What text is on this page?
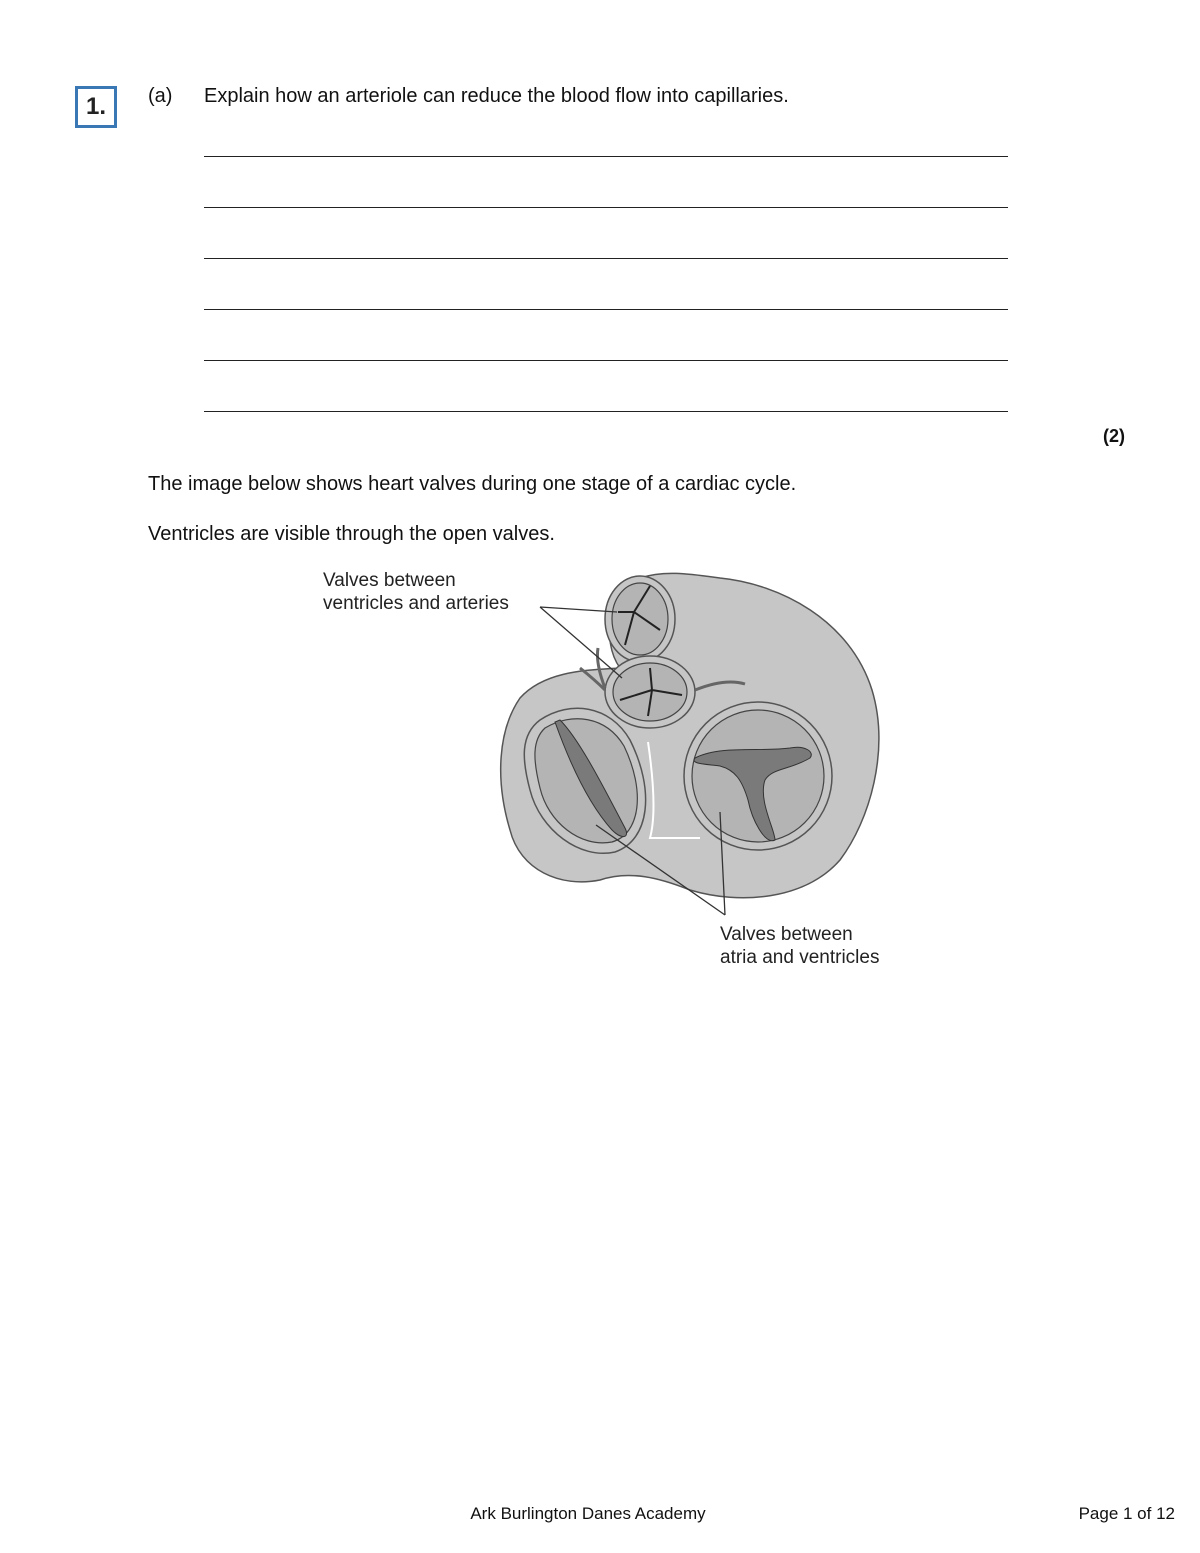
1. (a) Explain how an arteriole can reduce the blood flow into capillaries.
(2)
The image below shows heart valves during one stage of a cardiac cycle.
Ventricles are visible through the open valves.
Valves between
ventricles and arteries
Valves between
atria and ventricles
Ark Burlington Danes Academy	Page 1 of 12
